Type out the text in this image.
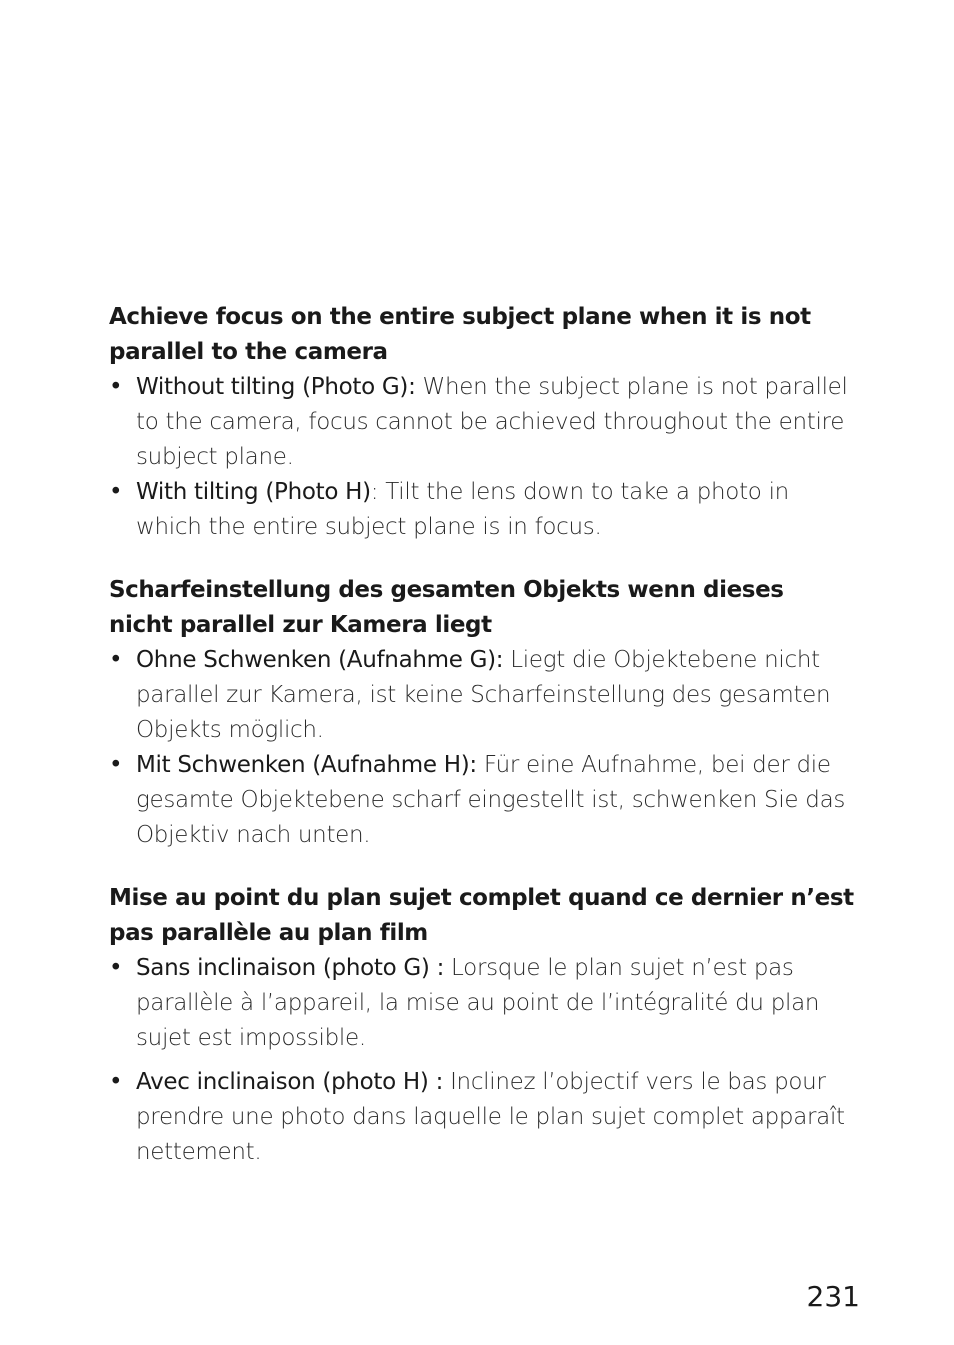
Achieve focus on the entire subject plane when it is not parallel to the camera

• Without tilting (Photo G): When the subject plane is not parallel to the camera, focus cannot be achieved throughout the entire subject plane.
• With tilting (Photo H): Tilt the lens down to take a photo in which the entire subject plane is in focus.

Scharfeinstellung des gesamten Objekts wenn dieses nicht parallel zur Kamera liegt

• Ohne Schwenken (Aufnahme G): Liegt die Objektebene nicht parallel zur Kamera, ist keine Scharfeinstellung des gesamten Objekts möglich.
• Mit Schwenken (Aufnahme H): Für eine Aufnahme, bei der die gesamte Objektebene scharf eingestellt ist, schwenken Sie das Objektiv nach unten.

Mise au point du plan sujet complet quand ce dernier n’est pas parallèle au plan film

• Sans inclinaison (photo G) : Lorsque le plan sujet n’est pas parallèle à l’appareil, la mise au point de l’intégralité du plan sujet est impossible.
• Avec inclinaison (photo H) : Inclinez l’objectif vers le bas pour prendre une photo dans laquelle le plan sujet complet apparaît nettement.
231
